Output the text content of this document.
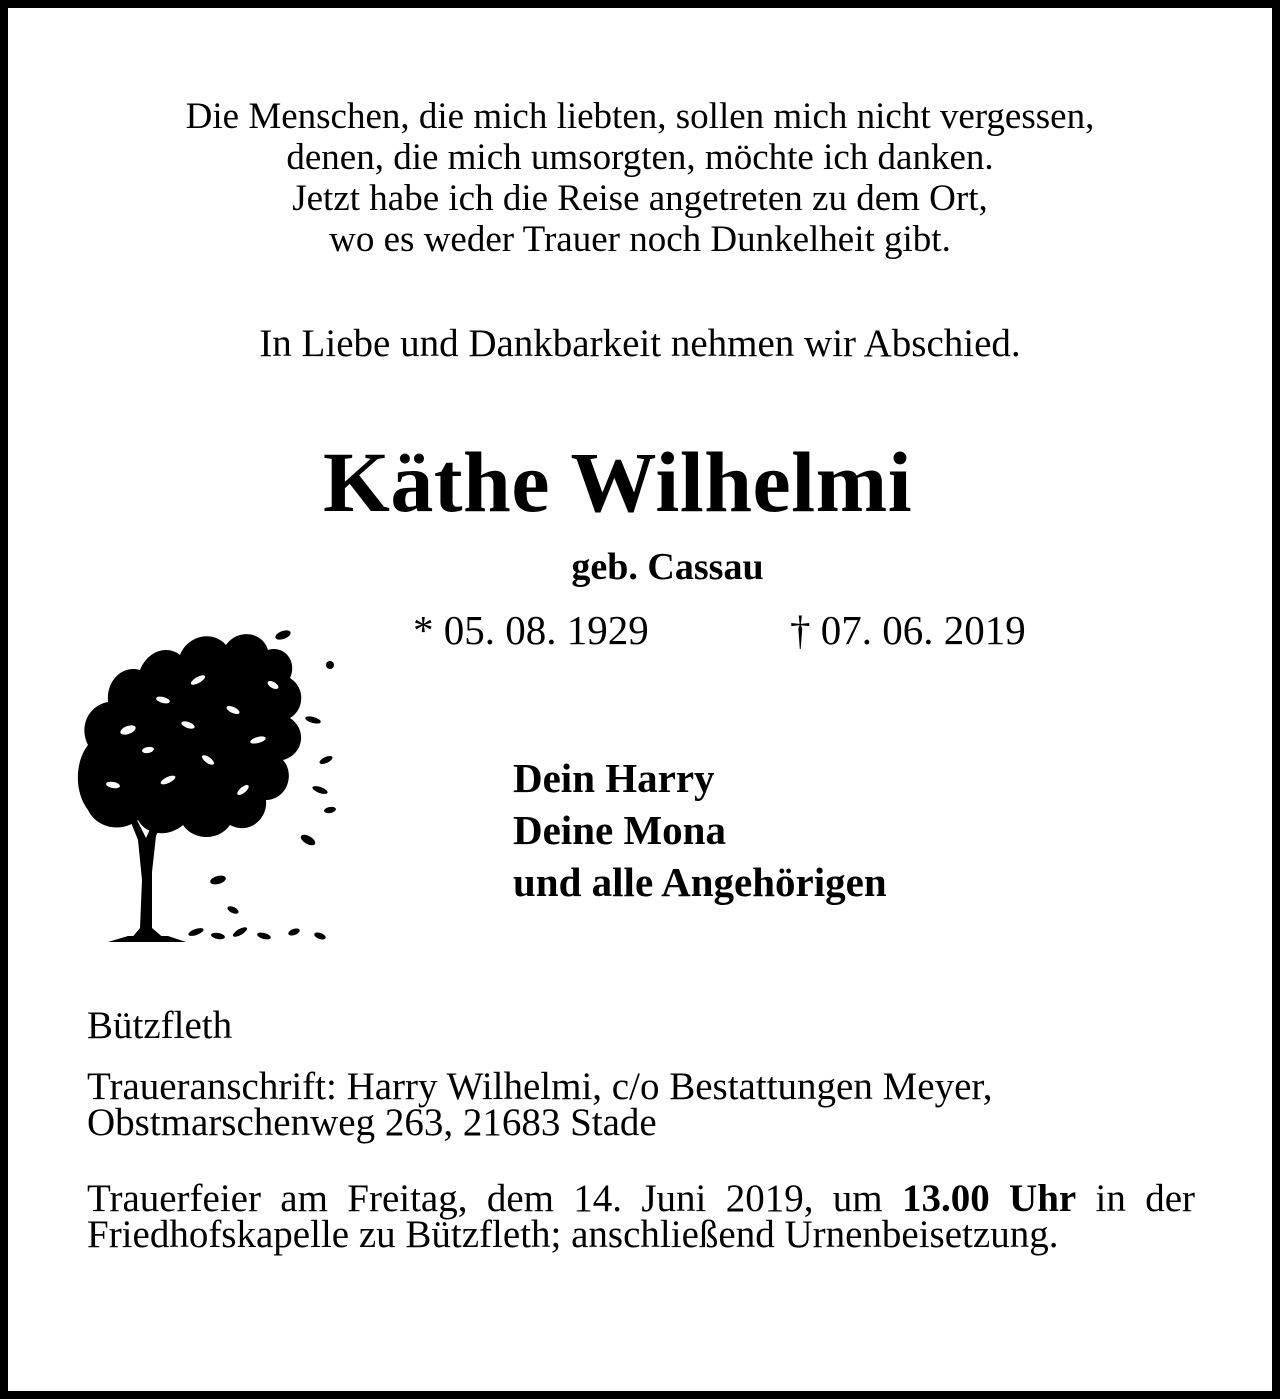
Die Menschen, die mich liebten, sollen mich nicht vergessen,
denen, die mich umsorgten, möchte ich danken.
Jetzt habe ich die Reise angetreten zu dem Ort,
wo es weder Trauer noch Dunkelheit gibt.
In Liebe und Dankbarkeit nehmen wir Abschied.
Käthe Wilhelmi
geb. Cassau
* 05. 08. 1929	† 07. 06. 2019
Dein Harry
Deine Mona
und alle Angehörigen
Bützfleth
Traueranschrift: Harry Wilhelmi, c/o Bestattungen Meyer,
Obstmarschenweg 263, 21683 Stade
Trauerfeier am Freitag, dem 14. Juni 2019, um 13.00 Uhr in der Friedhofskapelle zu Bützfleth; anschließend Urnenbeisetzung.
